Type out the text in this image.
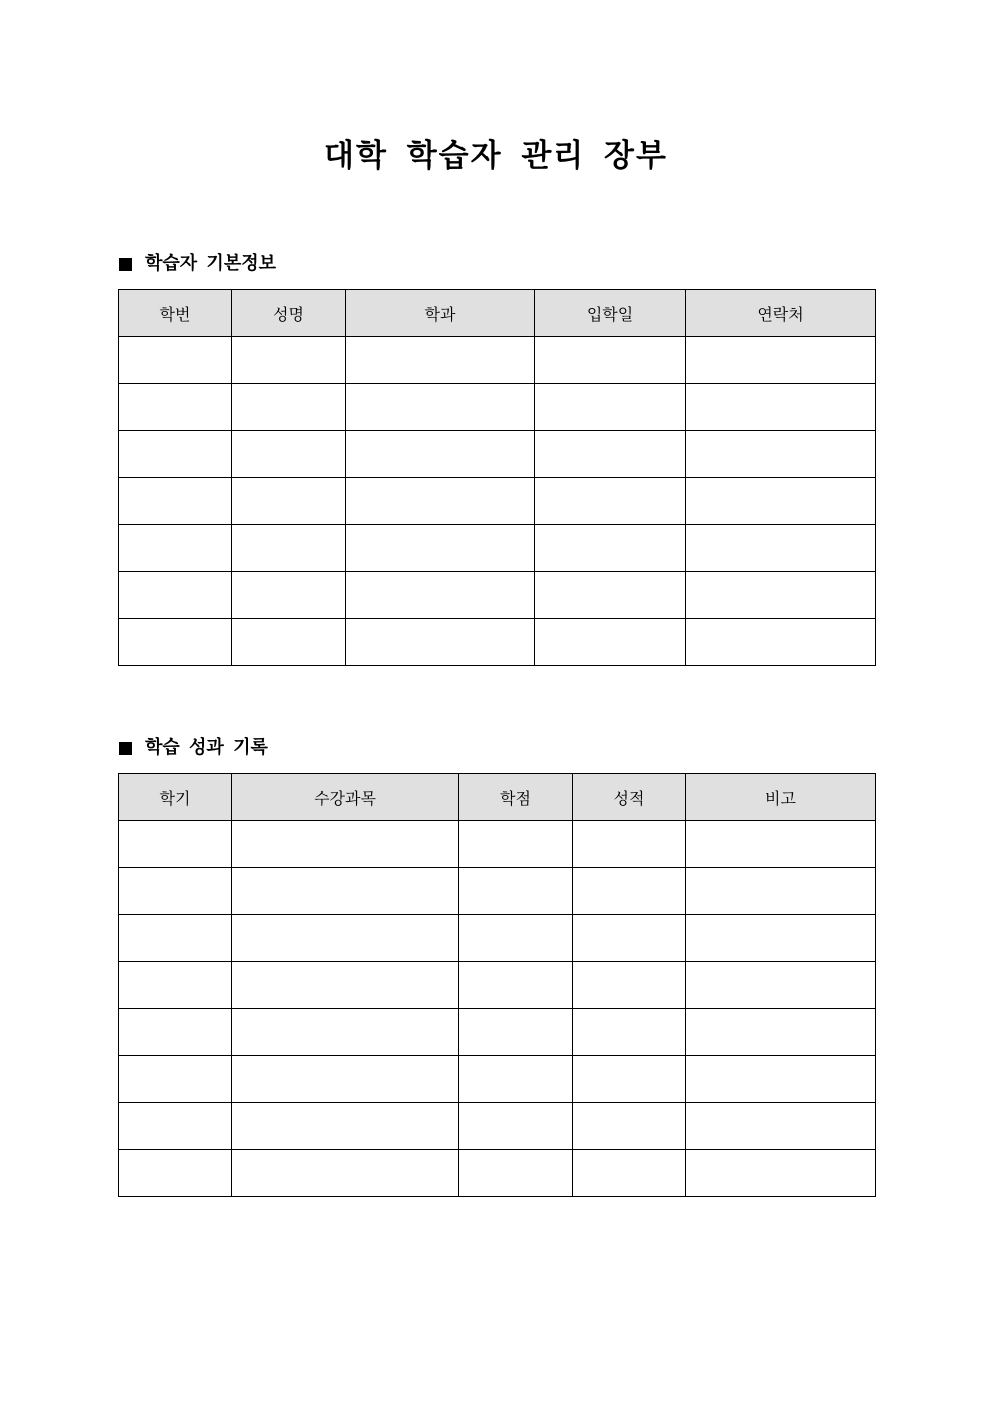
대학 학습자 관리 장부
학습자 기본정보
학번	성명	학과	입학일	연락처

학습 성과 기록
학기	수강과목	학점	성적	비고
